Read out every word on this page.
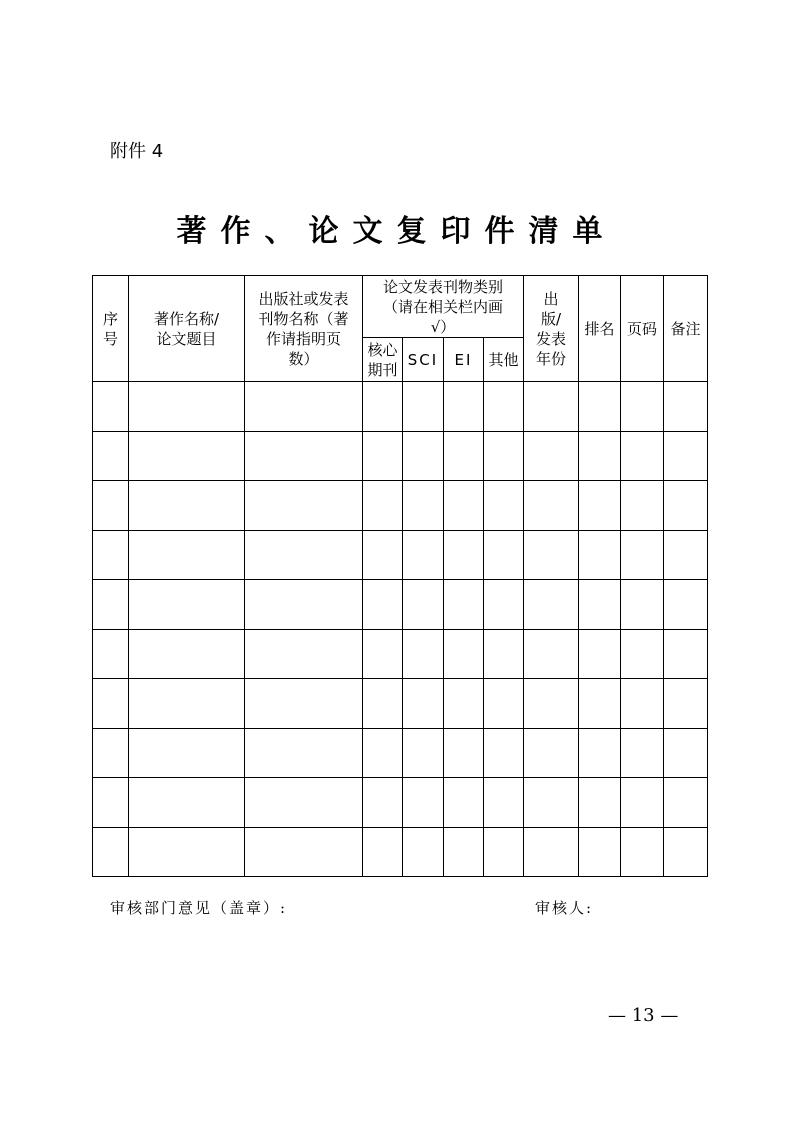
附件 4
著作、论文复印件清单
序号	著作名称/论文题目	出版社或发表刊物名称（著作请指明页数）	论文发表刊物类别（请在相关栏内画√）				出版/发表年份	排名	页码	备注

			核心期刊	SCI	EI	其他				

审核部门意见（盖章）:	审核人:
— 13 —
